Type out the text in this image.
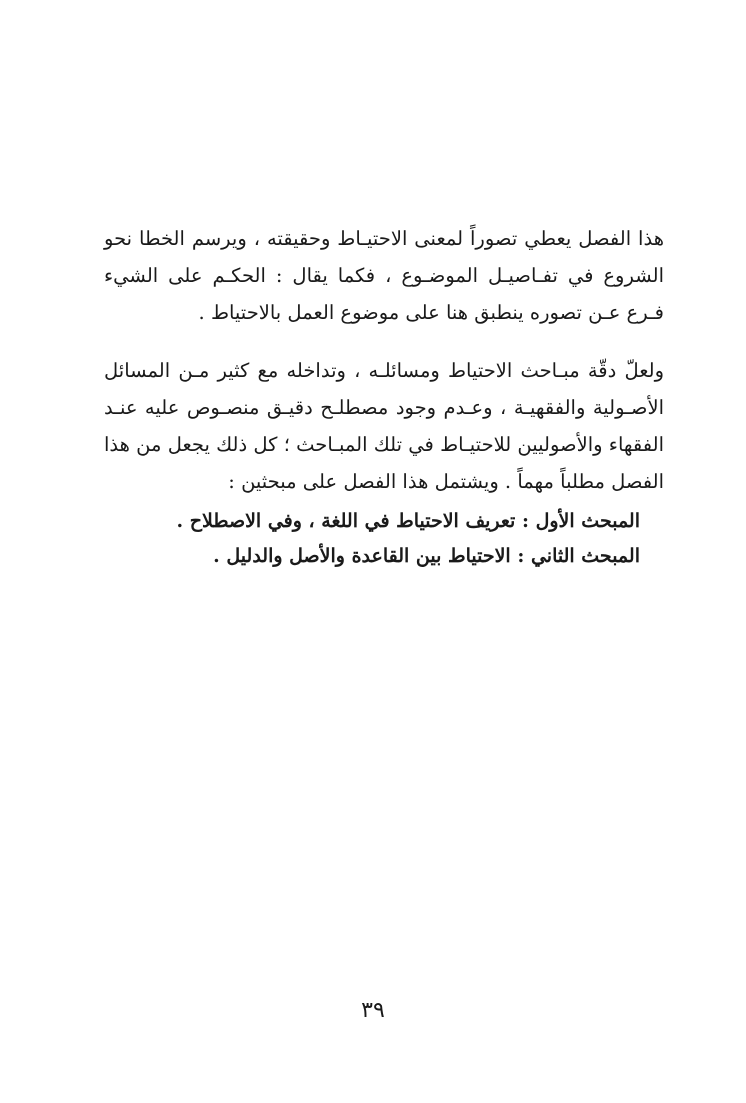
هذا الفصل يعطي تصوراً لمعنى الاحتيـاط وحقيقته ، ويرسم الخطا نحو الشروع في تفـاصيـل الموضـوع ، فكما يقال : الحكـم على الشيء فـرع عـن تصوره ينطبق هنا على موضوع العمل بالاحتياط .

ولعلّ دقّة مبـاحث الاحتياط ومسائلـه ، وتداخله مع كثير مـن المسائل الأصـولية والفقهيـة ، وعـدم وجود مصطلـح دقيـق منصـوص عليه عنـد الفقهاء والأصوليين للاحتيـاط في تلك المبـاحث ؛ كل ذلك يجعل من هذا الفصل مطلباً مهماً . ويشتمل هذا الفصل على مبحثين :

المبحث الأول : تعريف الاحتياط في اللغة ، وفي الاصطلاح .
المبحث الثاني : الاحتياط بين القاعدة والأصل والدليل .
٣٩
